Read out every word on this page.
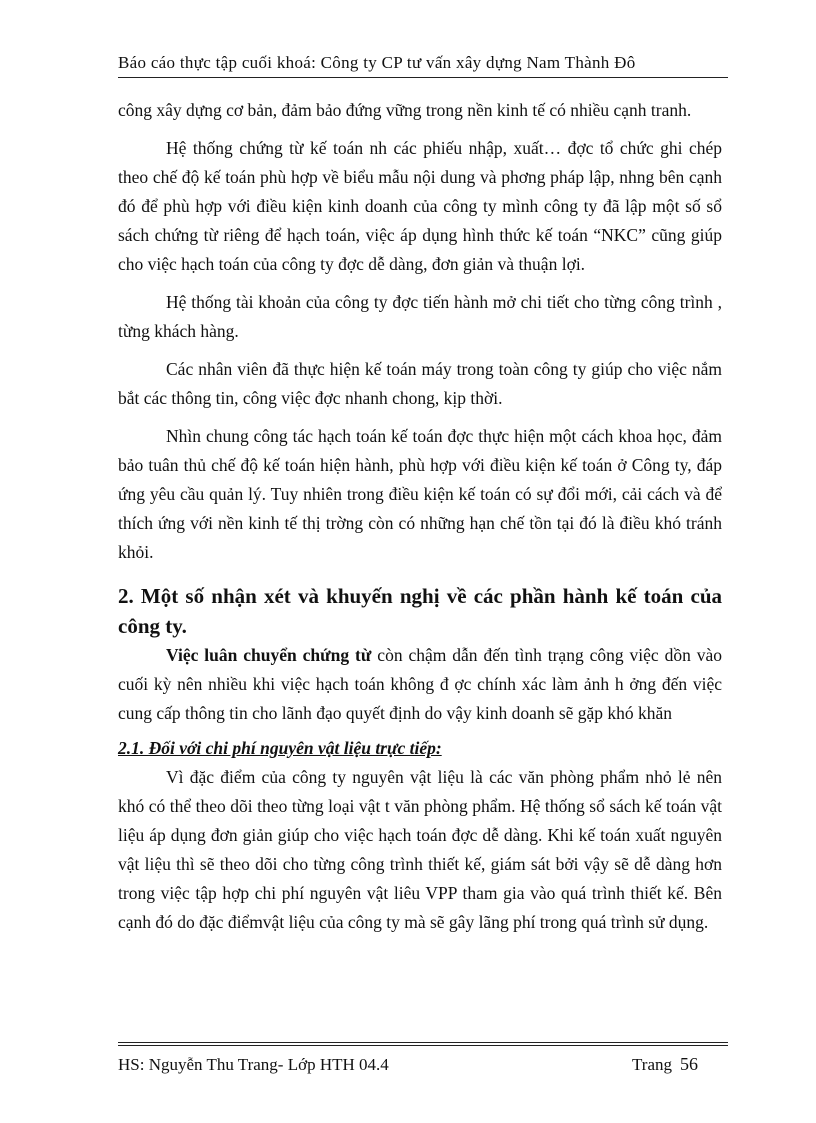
Báo cáo thực tập cuối khoá: Công ty CP tư vấn xây dựng Nam Thành Đô

công xây dựng cơ bản, đảm bảo đứng vững trong nền kinh tế có nhiều cạnh tranh.

Hệ thống chứng từ kế toán nh các phiếu nhập, xuất… đợc tổ chức ghi chép theo chế độ kế toán phù hợp về biểu mẫu nội dung và phơng pháp lập, nhng bên cạnh đó để phù hợp với điều kiện kinh doanh của công ty mình công ty đã lập một số sổ sách chứng từ riêng để hạch toán, việc áp dụng hình thức kế toán “NKC” cũng giúp cho việc hạch toán của công ty đợc dễ dàng, đơn giản và thuận lợi.

Hệ thống tài khoản của công ty đợc tiến hành mở chi tiết cho từng công trình , từng khách hàng.

Các nhân viên đã thực hiện kế toán máy trong toàn công ty giúp cho việc nắm bắt các thông tin, công việc đợc nhanh chong, kịp thời.

Nhìn chung công tác hạch toán kế toán đợc thực hiện một cách khoa học, đảm bảo tuân thủ chế độ kế toán hiện hành, phù hợp với điều kiện kế toán ở Công ty, đáp ứng yêu cầu quản lý. Tuy nhiên trong điều kiện kế toán có sự đổi mới, cải cách và để thích ứng với nền kinh tế thị trờng còn có những hạn chế tồn tại đó là điều khó tránh khỏi.

2. Một số nhận xét và khuyến nghị về các phần hành kế toán của công ty.

Việc luân chuyển chứng từ còn chậm dẫn đến tình trạng công việc dồn vào cuối kỳ nên nhiều khi việc hạch toán không đ ợc chính xác làm ảnh h ởng đến việc cung cấp thông tin cho lãnh đạo quyết định do vậy kinh doanh sẽ gặp khó khăn

2.1. Đối với chi phí nguyên vật liệu trực tiếp:

Vì đặc điểm của công ty nguyên vật liệu là các văn phòng phẩm nhỏ lẻ nên khó có thể theo dõi theo từng loại vật t văn phòng phẩm. Hệ thống sổ sách kế toán vật liệu áp dụng đơn giản giúp cho việc hạch toán đợc dễ dàng. Khi kế toán xuất nguyên vật liệu thì sẽ theo dõi cho từng công trình thiết kế, giám sát bởi vậy sẽ dễ dàng hơn trong việc tập hợp chi phí nguyên vật liêu VPP tham gia vào quá trình thiết kế. Bên cạnh đó do đặc điểmvật liệu của công ty mà sẽ gây lãng phí trong quá trình sử dụng.

HS: Nguyễn Thu Trang- Lớp HTH 04.4	Trang 56
